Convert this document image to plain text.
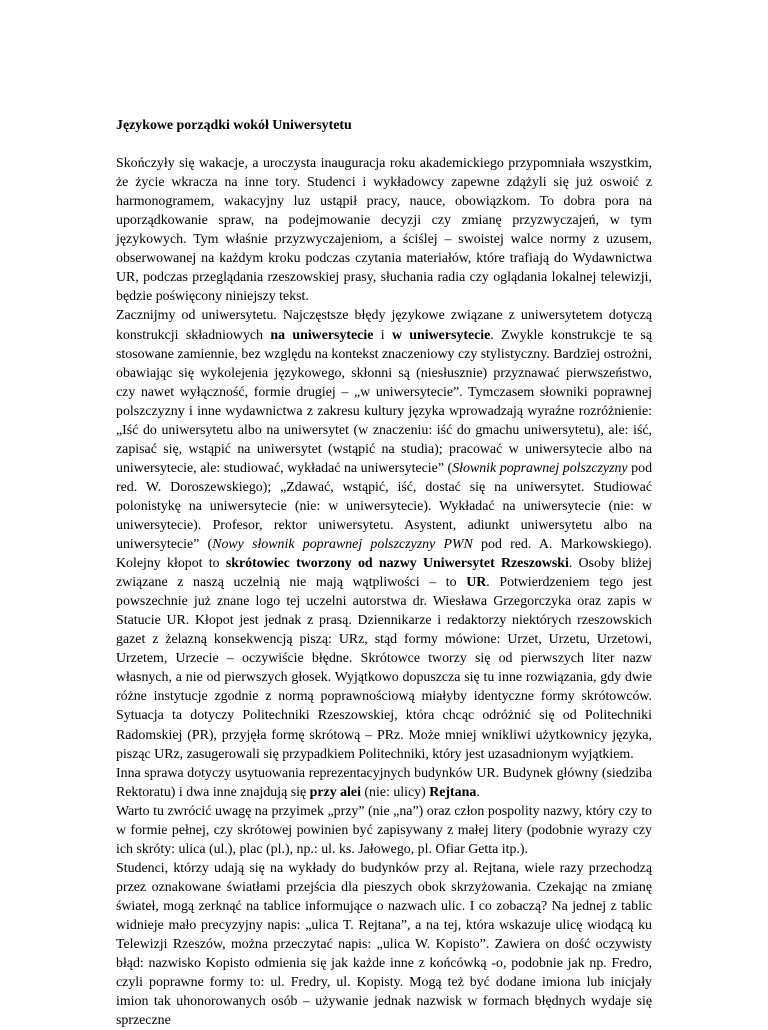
Językowe porządki wokół Uniwersytetu

Skończyły się wakacje, a uroczysta inauguracja roku akademickiego przypomniała wszystkim, że życie wkracza na inne tory. Studenci i wykładowcy zapewne zdążyli się już oswoić z harmonogramem, wakacyjny luz ustąpił pracy, nauce, obowiązkom. To dobra pora na uporządkowanie spraw, na podejmowanie decyzji czy zmianę przyzwyczajeń, w tym językowych. Tym właśnie przyzwyczajeniom, a ściślej – swoistej walce normy z uzusem, obserwowanej na każdym kroku podczas czytania materiałów, które trafiają do Wydawnictwa UR, podczas przeglądania rzeszowskiej prasy, słuchania radia czy oglądania lokalnej telewizji, będzie poświęcony niniejszy tekst.

Zacznijmy od uniwersytetu. Najczęstsze błędy językowe związane z uniwersytetem dotyczą konstrukcji składniowych na uniwersytecie i w uniwersytecie. Zwykle konstrukcje te są stosowane zamiennie, bez względu na kontekst znaczeniowy czy stylistyczny. Bardziej ostrożni, obawiając się wykolejenia językowego, skłonni są (niesłusznie) przyznawać pierwszeństwo, czy nawet wyłączność, formie drugiej – „w uniwersytecie”. Tymczasem słowniki poprawnej polszczyzny i inne wydawnictwa z zakresu kultury języka wprowadzają wyraźne rozróżnienie: „Iść do uniwersytetu albo na uniwersytet (w znaczeniu: iść do gmachu uniwersytetu), ale: iść, zapisać się, wstąpić na uniwersytet (wstąpić na studia); pracować w uniwersytecie albo na uniwersytecie, ale: studiować, wykładać na uniwersytecie” (Słownik poprawnej polszczyzny pod red. W. Doroszewskiego); „Zdawać, wstąpić, iść, dostać się na uniwersytet. Studiować polonistykę na uniwersytecie (nie: w uniwersytecie). Wykładać na uniwersytecie (nie: w uniwersytecie). Profesor, rektor uniwersytetu. Asystent, adiunkt uniwersytetu albo na uniwersytecie” (Nowy słownik poprawnej polszczyzny PWN pod red. A. Markowskiego). Kolejny kłopot to skrótowiec tworzony od nazwy Uniwersytet Rzeszowski. Osoby bliżej związane z naszą uczelnią nie mają wątpliwości – to UR. Potwierdzeniem tego jest powszechnie już znane logo tej uczelni autorstwa dr. Wiesława Grzegorczyka oraz zapis w Statucie UR. Kłopot jest jednak z prasą. Dziennikarze i redaktorzy niektórych rzeszowskich gazet z żelazną konsekwencją piszą: URz, stąd formy mówione: Urzet, Urzetu, Urzetowi, Urzetem, Urzecie – oczywiście błędne. Skrótowce tworzy się od pierwszych liter nazw własnych, a nie od pierwszych głosek. Wyjątkowo dopuszcza się tu inne rozwiązania, gdy dwie różne instytucje zgodnie z normą poprawnościową miałyby identyczne formy skrótowców. Sytuacja ta dotyczy Politechniki Rzeszowskiej, która chcąc odróżnić się od Politechniki Radomskiej (PR), przyjęła formę skrótową – PRz. Może mniej wnikliwi użytkownicy języka, pisząc URz, zasugerowali się przypadkiem Politechniki, który jest uzasadnionym wyjątkiem.

Inna sprawa dotyczy usytuowania reprezentacyjnych budynków UR. Budynek główny (siedziba Rektoratu) i dwa inne znajdują się przy alei (nie: ulicy) Rejtana.

Warto tu zwrócić uwagę na przyimek „przy” (nie „na”) oraz człon pospolity nazwy, który czy to w formie pełnej, czy skrótowej powinien być zapisywany z małej litery (podobnie wyrazy czy ich skróty: ulica (ul.), plac (pl.), np.: ul. ks. Jałowego, pl. Ofiar Getta itp.).

Studenci, którzy udają się na wykłady do budynków przy al. Rejtana, wiele razy przechodzą przez oznakowane światłami przejścia dla pieszych obok skrzyżowania. Czekając na zmianę świateł, mogą zerknąć na tablice informujące o nazwach ulic. I co zobaczą? Na jednej z tablic widnieje mało precyzyjny napis: „ulica T. Rejtana”, a na tej, która wskazuje ulicę wiodącą ku Telewizji Rzeszów, można przeczytać napis: „ulica W. Kopisto”. Zawiera on dość oczywisty błąd: nazwisko Kopisto odmienia się jak każde inne z końcówką -o, podobnie jak np. Fredro, czyli poprawne formy to: ul. Fredry, ul. Kopisty. Mogą też być dodane imiona lub inicjały imion tak uhonorowanych osób – używanie jednak nazwisk w formach błędnych wydaje się sprzeczne
